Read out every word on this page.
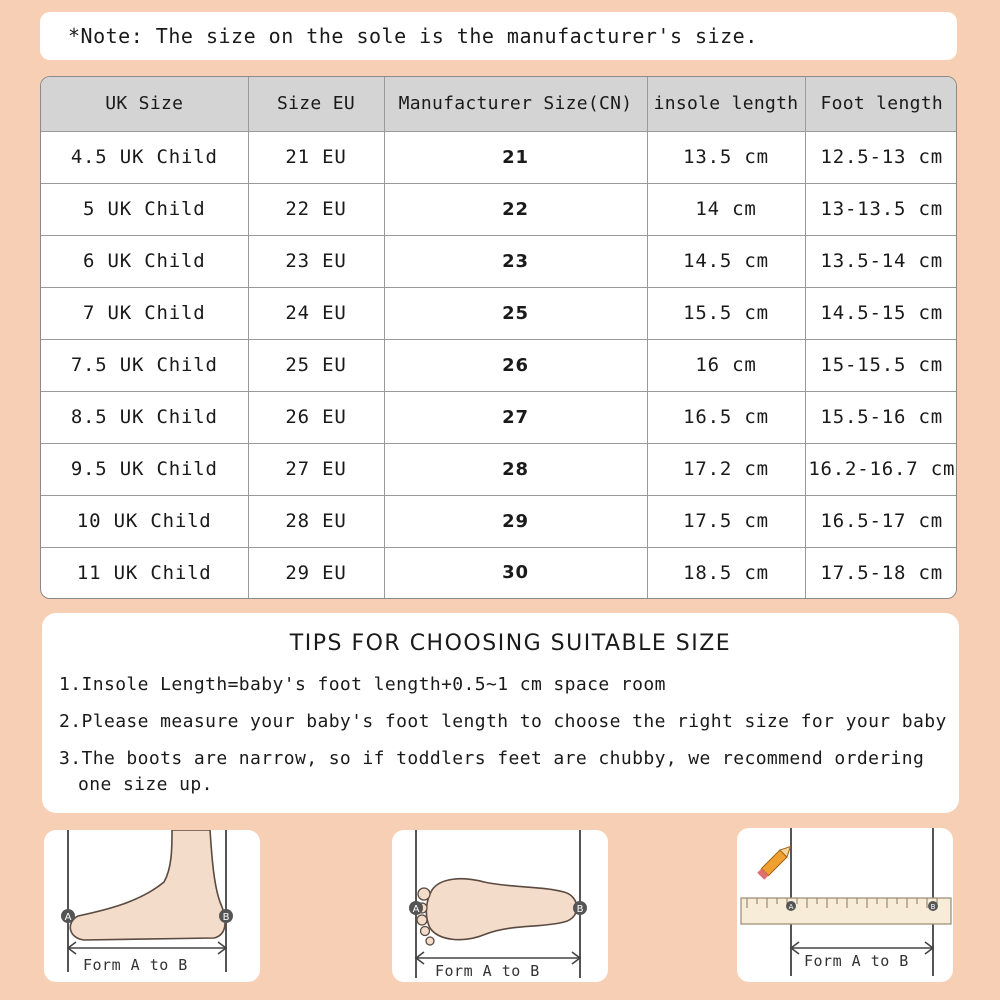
*Note: The size on the sole is the manufacturer's size.
UK Size	Size EU	Manufacturer Size(CN)	insole length	Foot length
4.5 UK Child	21 EU	21	13.5 cm	12.5-13 cm
5 UK Child	22 EU	22	14 cm	13-13.5 cm
6 UK Child	23 EU	23	14.5 cm	13.5-14 cm
7 UK Child	24 EU	25	15.5 cm	14.5-15 cm
7.5 UK Child	25 EU	26	16 cm	15-15.5 cm
8.5 UK Child	26 EU	27	16.5 cm	15.5-16 cm
9.5 UK Child	27 EU	28	17.2 cm	16.2-16.7 cm
10 UK Child	28 EU	29	17.5 cm	16.5-17 cm
11 UK Child	29 EU	30	18.5 cm	17.5-18 cm
TIPS FOR CHOOSING SUITABLE SIZE
1.Insole Length=baby's foot length+0.5~1 cm space room
2.Please measure your baby's foot length to choose the right size for your baby
3.The boots are narrow, so if toddlers feet are chubby, we recommend ordering
one size up.
A	B
Form A to B
A	B
Form A to B
A	B
Form A to B
